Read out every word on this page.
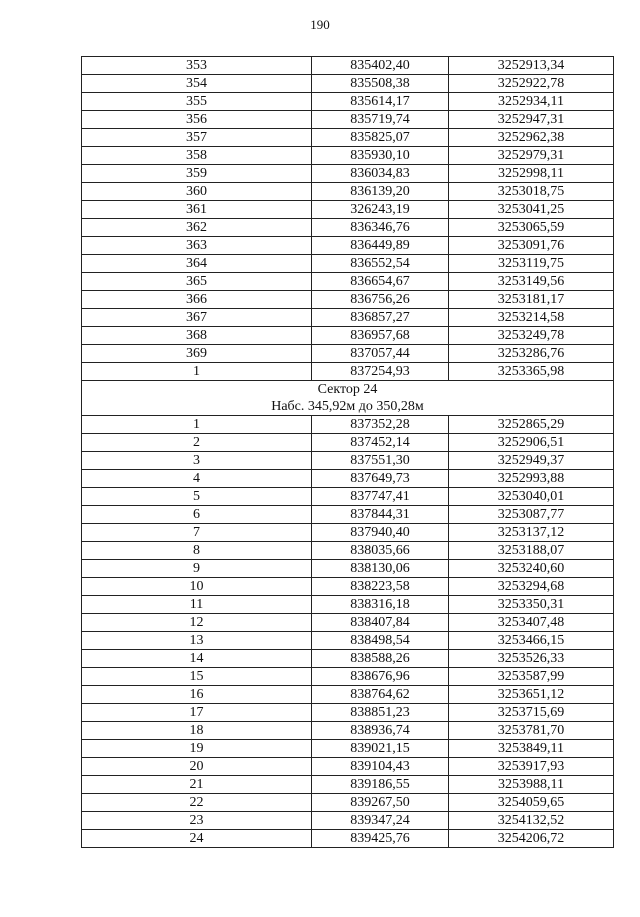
190
353	835402,40	3252913,34
354	835508,38	3252922,78
355	835614,17	3252934,11
356	835719,74	3252947,31
357	835825,07	3252962,38
358	835930,10	3252979,31
359	836034,83	3252998,11
360	836139,20	3253018,75
361	326243,19	3253041,25
362	836346,76	3253065,59
363	836449,89	3253091,76
364	836552,54	3253119,75
365	836654,67	3253149,56
366	836756,26	3253181,17
367	836857,27	3253214,58
368	836957,68	3253249,78
369	837057,44	3253286,76
1	837254,93	3253365,98

Сектор 24
Набс. 345,92м до 350,28м		

1	837352,28	3252865,29
2	837452,14	3252906,51
3	837551,30	3252949,37
4	837649,73	3252993,88
5	837747,41	3253040,01
6	837844,31	3253087,77
7	837940,40	3253137,12
8	838035,66	3253188,07
9	838130,06	3253240,60
10	838223,58	3253294,68
11	838316,18	3253350,31
12	838407,84	3253407,48
13	838498,54	3253466,15
14	838588,26	3253526,33
15	838676,96	3253587,99
16	838764,62	3253651,12
17	838851,23	3253715,69
18	838936,74	3253781,70
19	839021,15	3253849,11
20	839104,43	3253917,93
21	839186,55	3253988,11
22	839267,50	3254059,65
23	839347,24	3254132,52
24	839425,76	3254206,72
